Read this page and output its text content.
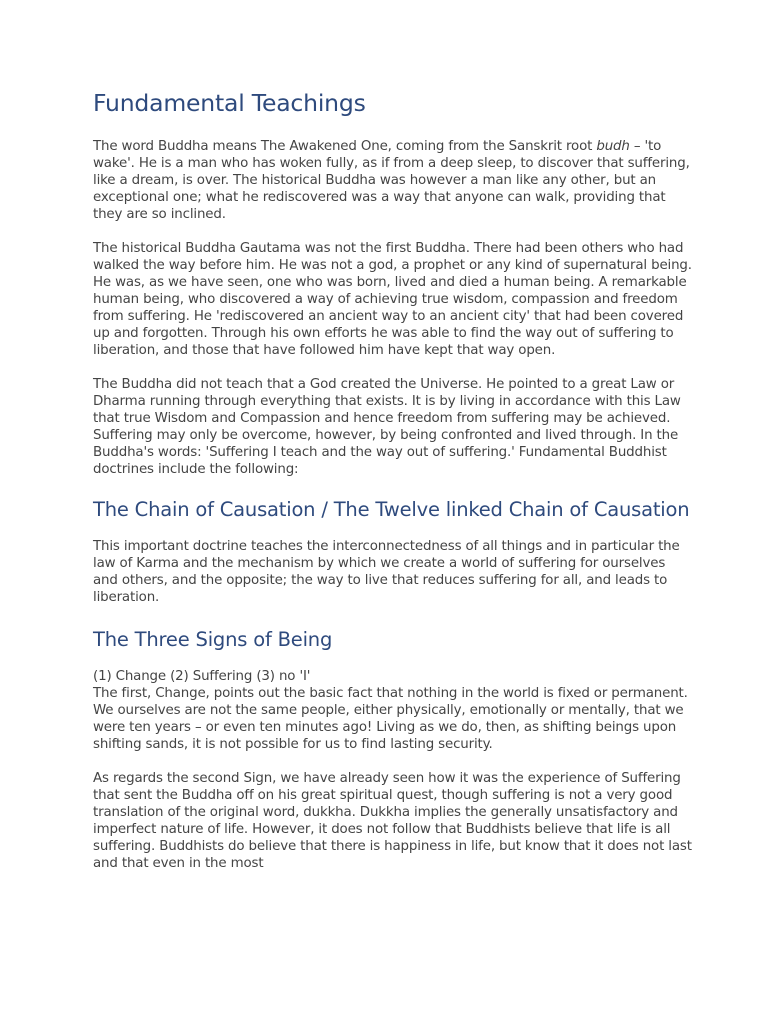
Fundamental Teachings

The word Buddha means The Awakened One, coming from the Sanskrit root budh – 'to wake'. He is a man who has woken fully, as if from a deep sleep, to discover that suffering, like a dream, is over. The historical Buddha was however a man like any other, but an exceptional one; what he rediscovered was a way that anyone can walk, providing that they are so inclined.

The historical Buddha Gautama was not the first Buddha. There had been others who had walked the way before him. He was not a god, a prophet or any kind of supernatural being. He was, as we have seen, one who was born, lived and died a human being. A remarkable human being, who discovered a way of achieving true wisdom, compassion and freedom from suffering. He 'rediscovered an ancient way to an ancient city' that had been covered up and forgotten. Through his own efforts he was able to find the way out of suffering to liberation, and those that have followed him have kept that way open.

The Buddha did not teach that a God created the Universe. He pointed to a great Law or Dharma running through everything that exists. It is by living in accordance with this Law that true Wisdom and Compassion and hence freedom from suffering may be achieved. Suffering may only be overcome, however, by being confronted and lived through. In the Buddha's words: 'Suffering I teach and the way out of suffering.' Fundamental Buddhist doctrines include the following:

The Chain of Causation / The Twelve linked Chain of Causation

This important doctrine teaches the interconnectedness of all things and in particular the law of Karma and the mechanism by which we create a world of suffering for ourselves and others, and the opposite; the way to live that reduces suffering for all, and leads to liberation.

The Three Signs of Being

(1) Change (2) Suffering (3) no 'I'

The first, Change, points out the basic fact that nothing in the world is fixed or permanent. We ourselves are not the same people, either physically, emotionally or mentally, that we were ten years – or even ten minutes ago! Living as we do, then, as shifting beings upon shifting sands, it is not possible for us to find lasting security.

As regards the second Sign, we have already seen how it was the experience of Suffering that sent the Buddha off on his great spiritual quest, though suffering is not a very good translation of the original word, dukkha. Dukkha implies the generally unsatisfactory and imperfect nature of life. However, it does not follow that Buddhists believe that life is all suffering. Buddhists do believe that there is happiness in life, but know that it does not last and that even in the most
